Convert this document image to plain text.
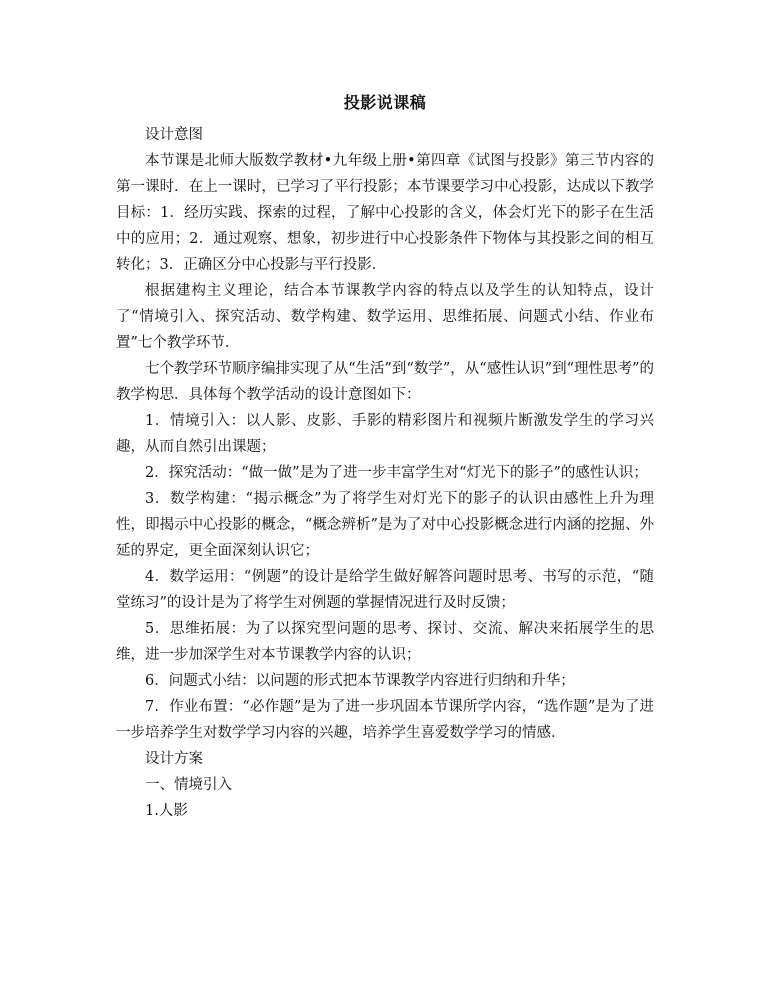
投影说课稿

设计意图

本节课是北师大版数学教材•九年级上册•第四章《试图与投影》第三节内容的第一课时．在上一课时，已学习了平行投影；本节课要学习中心投影，达成以下教学目标：1．经历实践、探索的过程，了解中心投影的含义，体会灯光下的影子在生活中的应用；2．通过观察、想象，初步进行中心投影条件下物体与其投影之间的相互转化；3．正确区分中心投影与平行投影．

根据建构主义理论，结合本节课教学内容的特点以及学生的认知特点，设计了“情境引入、探究活动、数学构建、数学运用、思维拓展、问题式小结、作业布置”七个教学环节．

七个教学环节顺序编排实现了从“生活”到“数学”，从“感性认识”到“理性思考”的教学构思．具体每个教学活动的设计意图如下：

1．情境引入：以人影、皮影、手影的精彩图片和视频片断激发学生的学习兴趣，从而自然引出课题；

2．探究活动：“做一做”是为了进一步丰富学生对“灯光下的影子”的感性认识；

3．数学构建：“揭示概念”为了将学生对灯光下的影子的认识由感性上升为理性，即揭示中心投影的概念，“概念辨析”是为了对中心投影概念进行内涵的挖掘、外延的界定，更全面深刻认识它；

4．数学运用：“例题”的设计是给学生做好解答问题时思考、书写的示范，“随堂练习”的设计是为了将学生对例题的掌握情况进行及时反馈；

5．思维拓展：为了以探究型问题的思考、探讨、交流、解决来拓展学生的思维，进一步加深学生对本节课教学内容的认识；

6．问题式小结：以问题的形式把本节课教学内容进行归纳和升华；

7．作业布置：“必作题”是为了进一步巩固本节课所学内容，“选作题”是为了进一步培养学生对数学学习内容的兴趣，培养学生喜爱数学学习的情感．

设计方案

一、情境引入

1.人影
